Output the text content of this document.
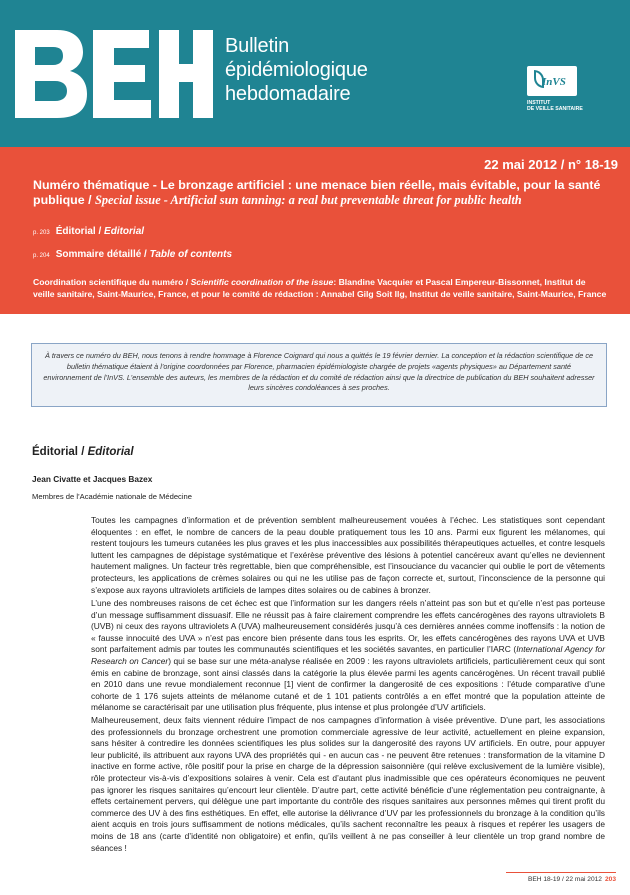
Bulletin
épidémiologique
hebdomadaire
InVS
INSTITUT
DE VEILLE SANITAIRE
22 mai 2012 / n° 18-19
Numéro thématique - Le bronzage artificiel : une menace bien réelle, mais évitable, pour la santé publique / Special issue - Artificial sun tanning: a real but preventable threat for public health
p. 203 Éditorial / Editorial
p. 204 Sommaire détaillé / Table of contents
Coordination scientifique du numéro / Scientific coordination of the issue: Blandine Vacquier et Pascal Empereur-Bissonnet, Institut de veille sanitaire, Saint-Maurice, France, et pour le comité de rédaction : Annabel Gilg Soit Ilg, Institut de veille sanitaire, Saint-Maurice, France
À travers ce numéro du BEH, nous tenons à rendre hommage à Florence Coignard qui nous a quittés le 19 février dernier. La conception et la rédaction scientifique de ce bulletin thématique étaient à l’origine coordonnées par Florence, pharmacien épidémiologiste chargée de projets «agents physiques» au Département santé environnement de l’InVS. L’ensemble des auteurs, les membres de la rédaction et du comité de rédaction ainsi que la directrice de publication du BEH souhaitent adresser leurs sincères condoléances à ses proches.
Éditorial / Editorial
Jean Civatte et Jacques Bazex
Membres de l’Académie nationale de Médecine

Toutes les campagnes d’information et de prévention semblent malheureusement vouées à l’échec. Les statistiques sont cependant éloquentes : en effet, le nombre de cancers de la peau double pratiquement tous les 10 ans. Parmi eux figurent les mélanomes, qui restent toujours les tumeurs cutanées les plus graves et les plus inaccessibles aux possibilités thérapeutiques actuelles, et contre lesquels luttent les campagnes de dépistage systématique et l’exérèse préventive des lésions à potentiel cancéreux avant qu’elles ne deviennent hautement malignes. Un facteur très regrettable, bien que compréhensible, est l’insouciance du vacancier qui oublie le port de vêtements protecteurs, les applications de crèmes solaires ou qui ne les utilise pas de façon correcte et, surtout, l’inconscience de la personne qui s’expose aux rayons ultraviolets artificiels de lampes dites solaires ou de cabines à bronzer.

L’une des nombreuses raisons de cet échec est que l’information sur les dangers réels n’atteint pas son but et qu’elle n’est pas porteuse d’un message suffisamment dissuasif. Elle ne réussit pas à faire clairement comprendre les effets cancérogènes des rayons ultraviolets B (UVB) ni ceux des rayons ultraviolets A (UVA) malheureusement considérés jusqu’à ces dernières années comme inoffensifs : la notion de « fausse innocuité des UVA » n’est pas encore bien présente dans tous les esprits. Or, les effets cancérogènes des rayons UVA et UVB sont parfaitement admis par toutes les communautés scientifiques et les sociétés savantes, en particulier l’IARC (International Agency for Research on Cancer) qui se base sur une méta-analyse réalisée en 2009 : les rayons ultraviolets artificiels, particulièrement ceux qui sont émis en cabine de bronzage, sont ainsi classés dans la catégorie la plus élevée parmi les agents cancérogènes. Un récent travail publié en 2010 dans une revue mondialement reconnue [1] vient de confirmer la dangerosité de ces expositions : l’étude comparative d’une cohorte de 1 176 sujets atteints de mélanome cutané et de 1 101 patients contrôlés a en effet montré que la population atteinte de mélanome se caractérisait par une utilisation plus fréquente, plus intense et plus prolongée d’UV artificiels.

Malheureusement, deux faits viennent réduire l’impact de nos campagnes d’information à visée préventive. D’une part, les associations des professionnels du bronzage orchestrent une promotion commerciale agressive de leur activité, actuellement en pleine expansion, sans hésiter à contredire les données scientifiques les plus solides sur la dangerosité des rayons UV artificiels. En outre, pour appuyer leur publicité, ils attribuent aux rayons UVA des propriétés qui - en aucun cas - ne peuvent être retenues : transformation de la vitamine D inactive en forme active, rôle positif pour la prise en charge de la dépression saisonnière (qui relève exclusivement de la lumière visible), rôle protecteur vis-à-vis d’expositions solaires à venir. Cela est d’autant plus inadmissible que ces opérateurs économiques ne peuvent pas ignorer les risques sanitaires qu’encourt leur clientèle. D’autre part, cette activité bénéficie d’une réglementation peu contraignante, à effets certainement pervers, qui délègue une part importante du contrôle des risques sanitaires aux personnes mêmes qui tirent profit du commerce des UV à des fins esthétiques. En effet, elle autorise la délivrance d’UV par les professionnels du bronzage à la condition qu’ils aient acquis en trois jours suffisamment de notions médicales, qu’ils sachent reconnaître les peaux à risques et repérer les usagers de moins de 18 ans (carte d’identité non obligatoire) et enfin, qu’ils veillent à ne pas conseiller à leur clientèle un trop grand nombre de séances !

BEH 18-19 / 22 mai 2012 203
